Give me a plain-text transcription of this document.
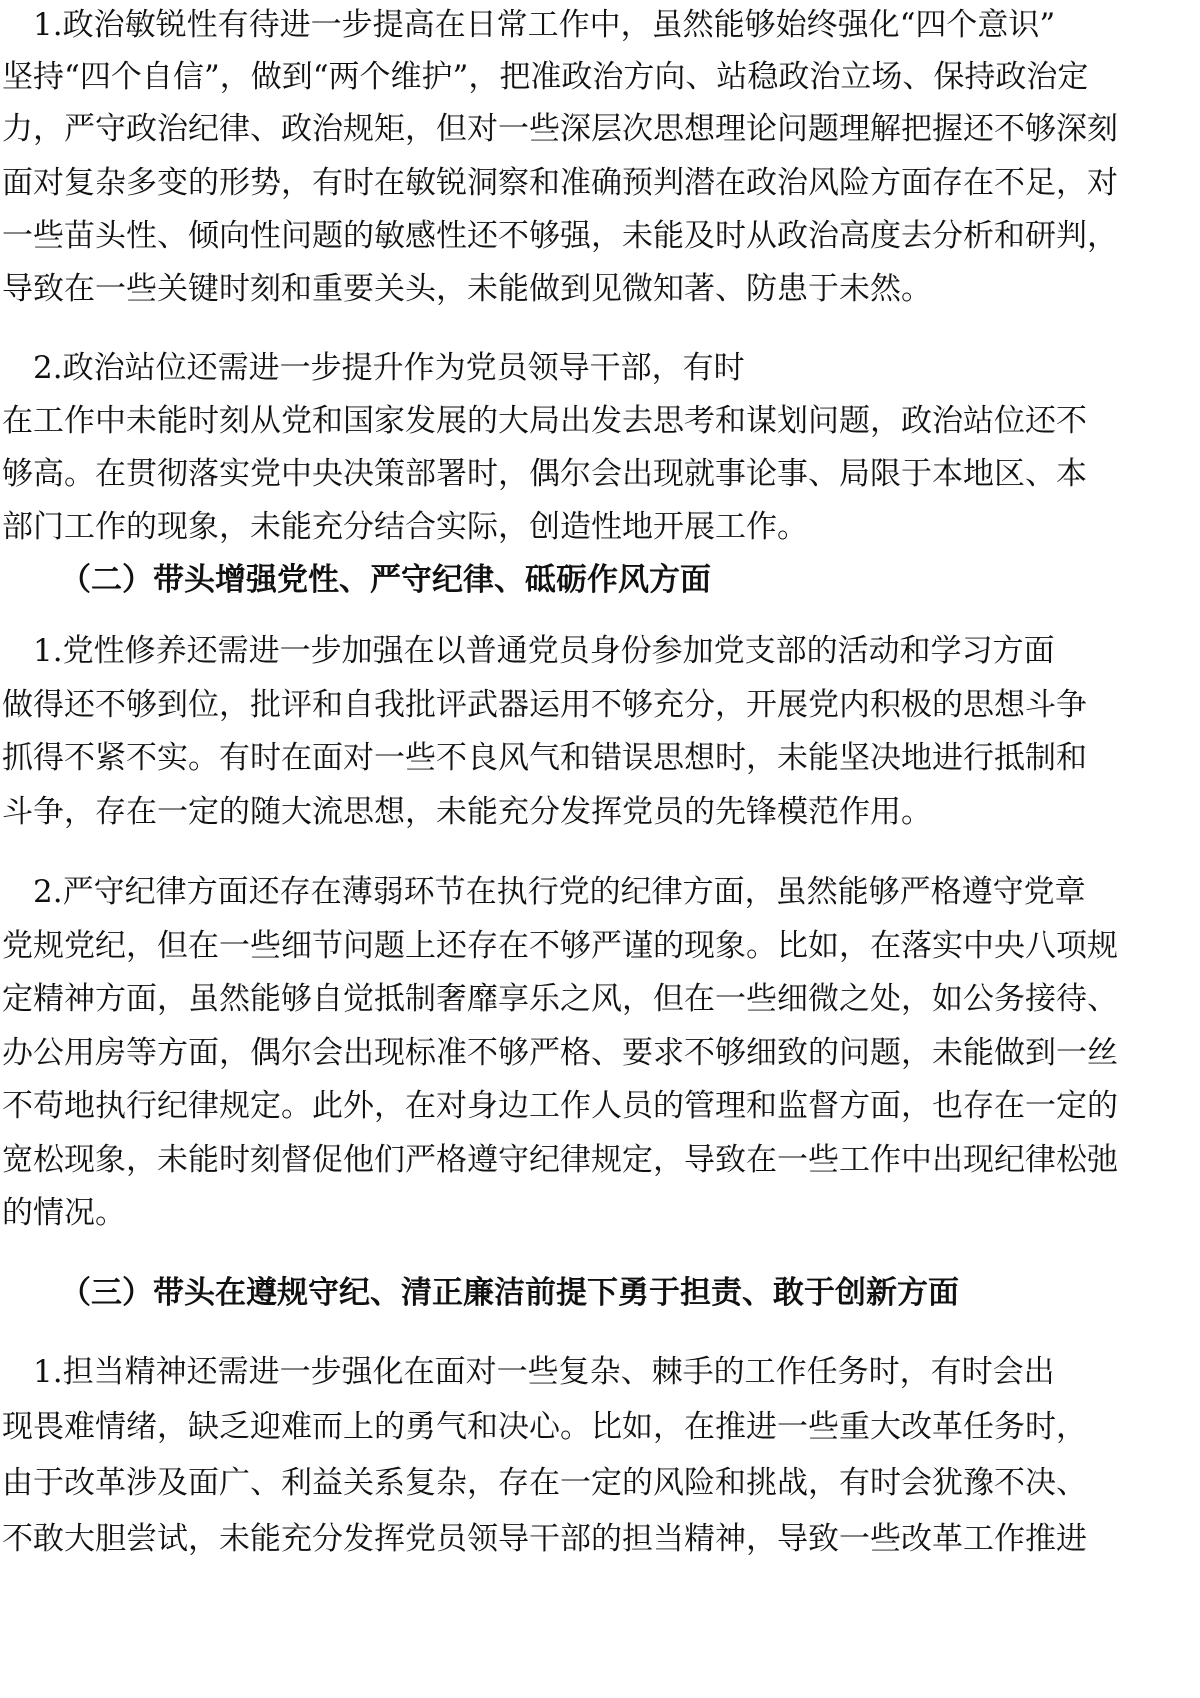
　1.政治敏锐性有待进一步提高在日常工作中，虽然能够始终强化“四个意识”
坚持“四个自信”，做到“两个维护”，把准政治方向、站稳政治立场、保持政治定
力，严守政治纪律、政治规矩，但对一些深层次思想理论问题理解把握还不够深刻
面对复杂多变的形势，有时在敏锐洞察和准确预判潜在政治风险方面存在不足，对
一些苗头性、倾向性问题的敏感性还不够强，未能及时从政治高度去分析和研判，
导致在一些关键时刻和重要关头，未能做到见微知著、防患于未然。
　2.政治站位还需进一步提升作为党员领导干部，有时
在工作中未能时刻从党和国家发展的大局出发去思考和谋划问题，政治站位还不
够高。在贯彻落实党中央决策部署时，偶尔会出现就事论事、局限于本地区、本
部门工作的现象，未能充分结合实际，创造性地开展工作。
（二）带头增强党性、严守纪律、砥砺作风方面
　1.党性修养还需进一步加强在以普通党员身份参加党支部的活动和学习方面
做得还不够到位，批评和自我批评武器运用不够充分，开展党内积极的思想斗争
抓得不紧不实。有时在面对一些不良风气和错误思想时，未能坚决地进行抵制和
斗争，存在一定的随大流思想，未能充分发挥党员的先锋模范作用。
　2.严守纪律方面还存在薄弱环节在执行党的纪律方面，虽然能够严格遵守党章
党规党纪，但在一些细节问题上还存在不够严谨的现象。比如，在落实中央八项规
定精神方面，虽然能够自觉抵制奢靡享乐之风，但在一些细微之处，如公务接待、
办公用房等方面，偶尔会出现标准不够严格、要求不够细致的问题，未能做到一丝
不苟地执行纪律规定。此外，在对身边工作人员的管理和监督方面，也存在一定的
宽松现象，未能时刻督促他们严格遵守纪律规定，导致在一些工作中出现纪律松弛
的情况。
（三）带头在遵规守纪、清正廉洁前提下勇于担责、敢于创新方面
　1.担当精神还需进一步强化在面对一些复杂、棘手的工作任务时，有时会出
现畏难情绪，缺乏迎难而上的勇气和决心。比如，在推进一些重大改革任务时，
由于改革涉及面广、利益关系复杂，存在一定的风险和挑战，有时会犹豫不决、
不敢大胆尝试，未能充分发挥党员领导干部的担当精神，导致一些改革工作推进
